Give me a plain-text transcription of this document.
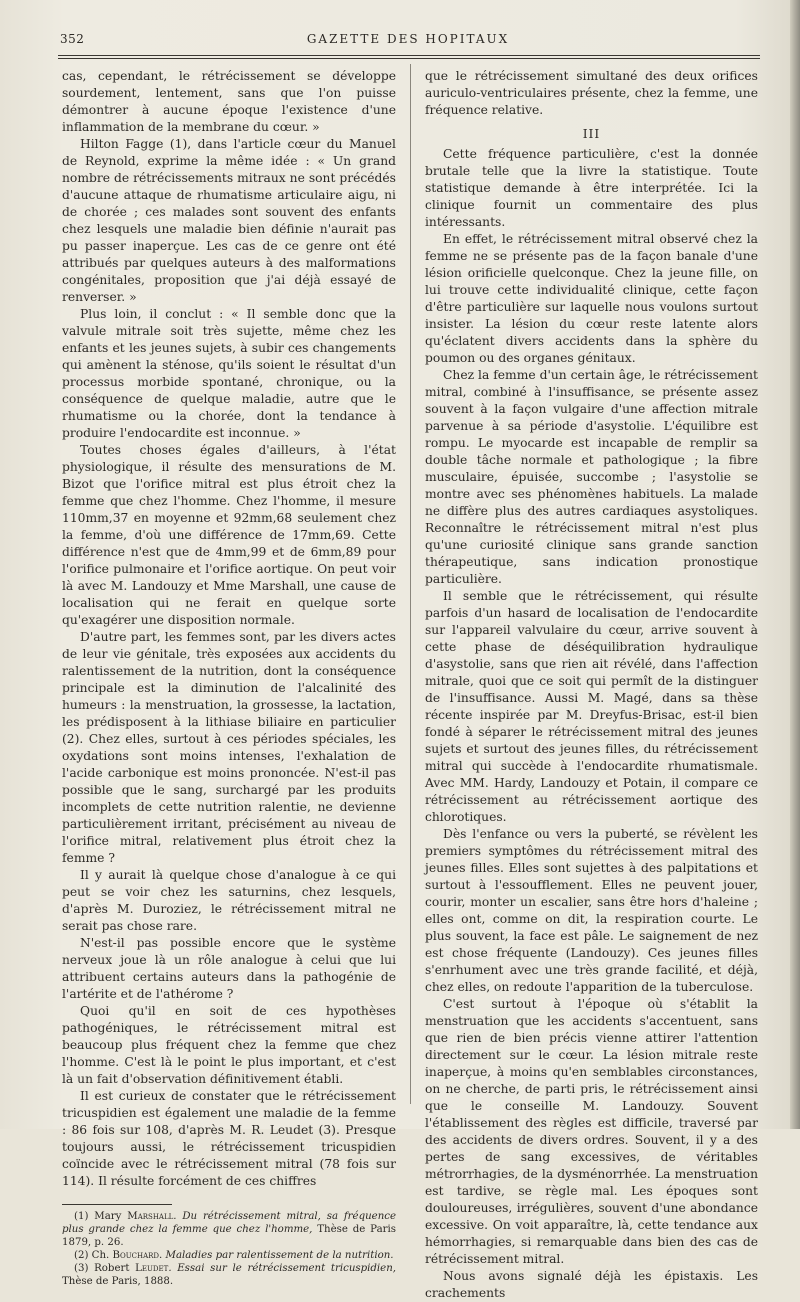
352	GAZETTE DES HOPITAUX

cas, cependant, le rétrécissement se développe sourdement, lentement, sans que l'on puisse démontrer à aucune époque l'existence d'une inflammation de la membrane du cœur. »

Hilton Fagge (1), dans l'article cœur du Manuel de Reynold, exprime la même idée : « Un grand nombre de rétrécissements mitraux ne sont précédés d'aucune attaque de rhumatisme articulaire aigu, ni de chorée ; ces malades sont souvent des enfants chez lesquels une maladie bien définie n'aurait pas pu passer inaperçue. Les cas de ce genre ont été attribués par quelques auteurs à des malformations congénitales, proposition que j'ai déjà essayé de renverser. »

Plus loin, il conclut : « Il semble donc que la valvule mitrale soit très sujette, même chez les enfants et les jeunes sujets, à subir ces changements qui amènent la sténose, qu'ils soient le résultat d'un processus morbide spontané, chronique, ou la conséquence de quelque maladie, autre que le rhumatisme ou la chorée, dont la tendance à produire l'endocardite est inconnue. »

Toutes choses égales d'ailleurs, à l'état physiologique, il résulte des mensurations de M. Bizot que l'orifice mitral est plus étroit chez la femme que chez l'homme. Chez l'homme, il mesure 110mm,37 en moyenne et 92mm,68 seulement chez la femme, d'où une différence de 17mm,69. Cette différence n'est que de 4mm,99 et de 6mm,89 pour l'orifice pulmonaire et l'orifice aortique. On peut voir là avec M. Landouzy et Mme Marshall, une cause de localisation qui ne ferait en quelque sorte qu'exagérer une disposition normale.

D'autre part, les femmes sont, par les divers actes de leur vie génitale, très exposées aux accidents du ralentissement de la nutrition, dont la conséquence principale est la diminution de l'alcalinité des humeurs : la menstruation, la grossesse, la lactation, les prédisposent à la lithiase biliaire en particulier (2). Chez elles, surtout à ces périodes spéciales, les oxydations sont moins intenses, l'exhalation de l'acide carbonique est moins prononcée. N'est-il pas possible que le sang, surchargé par les produits incomplets de cette nutrition ralentie, ne devienne particulièrement irritant, précisément au niveau de l'orifice mitral, relativement plus étroit chez la femme ?

Il y aurait là quelque chose d'analogue à ce qui peut se voir chez les saturnins, chez lesquels, d'après M. Duroziez, le rétrécissement mitral ne serait pas chose rare.

N'est-il pas possible encore que le système nerveux joue là un rôle analogue à celui que lui attribuent certains auteurs dans la pathogénie de l'artérite et de l'athérome ?

Quoi qu'il en soit de ces hypothèses pathogéniques, le rétrécissement mitral est beaucoup plus fréquent chez la femme que chez l'homme. C'est là le point le plus important, et c'est là un fait d'observation définitivement établi.

Il est curieux de constater que le rétrécissement tricuspidien est également une maladie de la femme : 86 fois sur 108, d'après M. R. Leudet (3). Presque toujours aussi, le rétrécissement tricuspidien coïncide avec le rétrécissement mitral (78 fois sur 114). Il résulte forcément de ces chiffres

(1) Mary Marshall. Du rétrécissement mitral, sa fréquence plus grande chez la femme que chez l'homme, Thèse de Paris 1879, p. 26.

(2) Ch. Bouchard. Maladies par ralentissement de la nutrition.

(3) Robert Leudet. Essai sur le rétrécissement tricuspidien, Thèse de Paris, 1888.

que le rétrécissement simultané des deux orifices auriculo-ventriculaires présente, chez la femme, une fréquence relative.

III

Cette fréquence particulière, c'est la donnée brutale telle que la livre la statistique. Toute statistique demande à être interprétée. Ici la clinique fournit un commentaire des plus intéressants.

En effet, le rétrécissement mitral observé chez la femme ne se présente pas de la façon banale d'une lésion orificielle quelconque. Chez la jeune fille, on lui trouve cette individualité clinique, cette façon d'être particulière sur laquelle nous voulons surtout insister. La lésion du cœur reste latente alors qu'éclatent divers accidents dans la sphère du poumon ou des organes génitaux.

Chez la femme d'un certain âge, le rétrécissement mitral, combiné à l'insuffisance, se présente assez souvent à la façon vulgaire d'une affection mitrale parvenue à sa période d'asystolie. L'équilibre est rompu. Le myocarde est incapable de remplir sa double tâche normale et pathologique ; la fibre musculaire, épuisée, succombe ; l'asystolie se montre avec ses phénomènes habituels. La malade ne diffère plus des autres cardiaques asystoliques. Reconnaître le rétrécissement mitral n'est plus qu'une curiosité clinique sans grande sanction thérapeutique, sans indication pronostique particulière.

Il semble que le rétrécissement, qui résulte parfois d'un hasard de localisation de l'endocardite sur l'appareil valvulaire du cœur, arrive souvent à cette phase de déséquilibration hydraulique d'asystolie, sans que rien ait révélé, dans l'affection mitrale, quoi que ce soit qui permît de la distinguer de l'insuffisance. Aussi M. Magé, dans sa thèse récente inspirée par M. Dreyfus-Brisac, est-il bien fondé à séparer le rétrécissement mitral des jeunes sujets et surtout des jeunes filles, du rétrécissement mitral qui succède à l'endocardite rhumatismale. Avec MM. Hardy, Landouzy et Potain, il compare ce rétrécissement au rétrécissement aortique des chlorotiques.

Dès l'enfance ou vers la puberté, se révèlent les premiers symptômes du rétrécissement mitral des jeunes filles. Elles sont sujettes à des palpitations et surtout à l'essoufflement. Elles ne peuvent jouer, courir, monter un escalier, sans être hors d'haleine ; elles ont, comme on dit, la respiration courte. Le plus souvent, la face est pâle. Le saignement de nez est chose fréquente (Landouzy). Ces jeunes filles s'enrhument avec une très grande facilité, et déjà, chez elles, on redoute l'apparition de la tuberculose.

C'est surtout à l'époque où s'établit la menstruation que les accidents s'accentuent, sans que rien de bien précis vienne attirer l'attention directement sur le cœur. La lésion mitrale reste inaperçue, à moins qu'en semblables circonstances, on ne cherche, de parti pris, le rétrécissement ainsi que le conseille M. Landouzy. Souvent l'établissement des règles est difficile, traversé par des accidents de divers ordres. Souvent, il y a des pertes de sang excessives, de véritables métrorrhagies, de la dysménorrhée. La menstruation est tardive, se règle mal. Les époques sont douloureuses, irrégulières, souvent d'une abondance excessive. On voit apparaître, là, cette tendance aux hémorrhagies, si remarquable dans bien des cas de rétrécissement mitral.

Nous avons signalé déjà les épistaxis. Les crachements
